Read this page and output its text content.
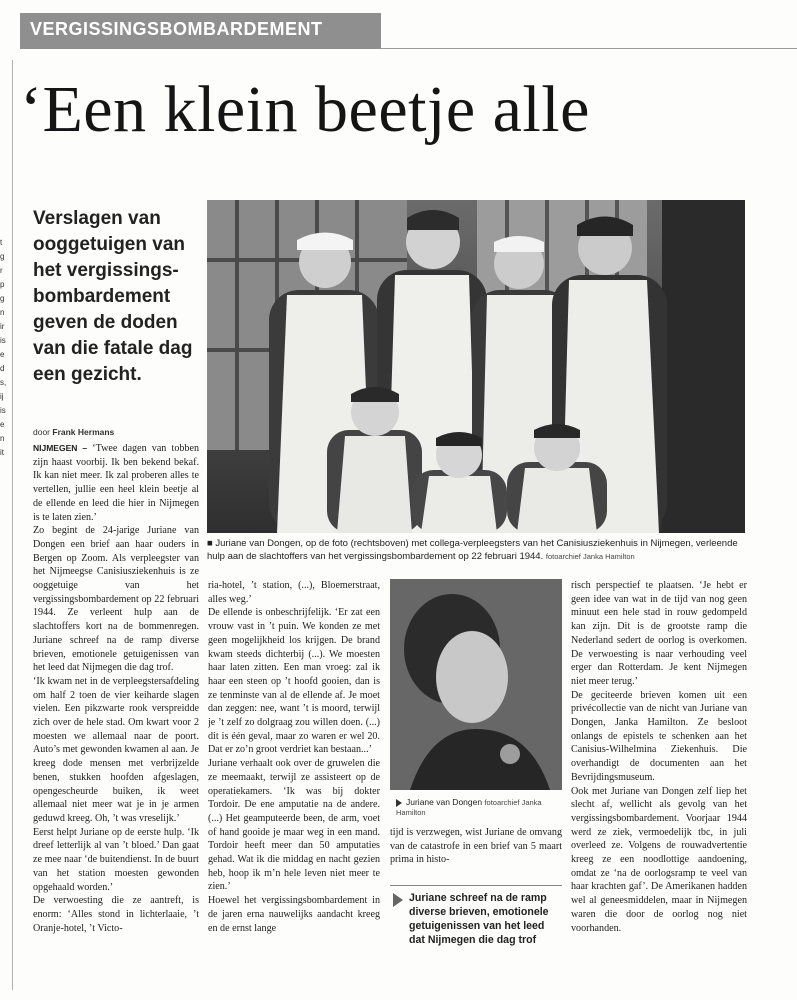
t
g
r
p
g
n
ir
is
e
d
s,
ij
is
e
n
it
VERGISSINGSBOMBARDEMENT
‘Een klein beetje alle
Verslagen van ooggetuigen van het vergissingsbombardement geven de doden van die fatale dag een gezicht.
door Frank Hermans
■ Juriane van Dongen, op de foto (rechtsboven) met collega-verpleegsters van het Canisiusziekenhuis in Nijmegen, verleende hulp aan de slachtoffers van het vergissingsbombardement op 22 februari 1944. fotoarchief Janka Hamilton

NIJMEGEN – ‘Twee dagen van tobben zijn haast voorbij. Ik ben bekend bekaf. Ik kan niet meer. Ik zal proberen alles te vertellen, jullie een heel klein beetje al de ellende en leed die hier in Nijmegen is te laten zien.’

Zo begint de 24-jarige Juriane van Dongen een brief aan haar ouders in Bergen op Zoom. Als verpleegster van het Nijmeegse Canisiusziekenhuis is ze ooggetuige van het vergissingsbombardement op 22 februari 1944. Ze verleent hulp aan de slachtoffers kort na de bommenregen. Juriane schreef na de ramp diverse brieven, emotionele getuigenissen van het leed dat Nijmegen die dag trof.

‘Ik kwam net in de verpleegstersafdeling om half 2 toen de vier keiharde slagen vielen. Een pikzwarte rook verspreidde zich over de hele stad. Om kwart voor 2 moesten we allemaal naar de poort. Auto’s met gewonden kwamen al aan. Je kreeg dode mensen met verbrijzelde benen, stukken hoofden afgeslagen, opengescheurde buiken, ik weet allemaal niet meer wat je in je armen geduwd kreeg. Oh, ’t was vreselijk.’

Eerst helpt Juriane op de eerste hulp. ‘Ik dreef letterlijk al van ’t bloed.’ Dan gaat ze mee naar ‘de buitendienst. In de buurt van het station moesten gewonden opgehaald worden.’

De verwoesting die ze aantreft, is enorm: ‘Alles stond in lichterlaaie, ’t Oranje-hotel, ’t Victo-

ria-hotel, ’t station, (...), Bloemerstraat, alles weg.’

De ellende is onbeschrijfelijk. ‘Er zat een vrouw vast in ’t puin. We konden ze met geen mogelijkheid los krijgen. De brand kwam steeds dichterbij (...). We moesten haar laten zitten. Een man vroeg: zal ik haar een steen op ’t hoofd gooien, dan is ze tenminste van al de ellende af. Je moet dan zeggen: nee, want ’t is moord, terwijl je ’t zelf zo dolgraag zou willen doen. (...) dit is één geval, maar zo waren er wel 20. Dat er zo’n groot verdriet kan bestaan...’

Juriane verhaalt ook over de gruwelen die ze meemaakt, terwijl ze assisteert op de operatiekamers. ‘Ik was bij dokter Tordoir. De ene amputatie na de andere. (...) Het geamputeerde been, de arm, voet of hand gooide je maar weg in een mand. Tordoir heeft meer dan 50 amputaties gehad. Wat ik die middag en nacht gezien heb, hoop ik m’n hele leven niet meer te zien.’

Hoewel het vergissingsbombardement in de jaren erna nauwelijks aandacht kreeg en de ernst lange

Juriane van Dongen fotoarchief Janka Hamilton

tijd is verzwegen, wist Juriane de omvang van de catastrofe in een brief van 5 maart prima in histo-

Juriane schreef na de ramp diverse brieven, emotionele getuigenissen van het leed dat Nijmegen die dag trof

risch perspectief te plaatsen. ‘Je hebt er geen idee van wat in de tijd van nog geen minuut een hele stad in rouw gedompeld kan zijn. Dit is de grootste ramp die Nederland sedert de oorlog is overkomen. De verwoesting is naar verhouding veel erger dan Rotterdam. Je kent Nijmegen niet meer terug.’

De geciteerde brieven komen uit een privécollectie van de nicht van Juriane van Dongen, Janka Hamilton. Ze besloot onlangs de epistels te schenken aan het Canisius-Wilhelmina Ziekenhuis. Die overhandigt de documenten aan het Bevrijdingsmuseum.

Ook met Juriane van Dongen zelf liep het slecht af, wellicht als gevolg van het vergissingsbombardement. Voorjaar 1944 werd ze ziek, vermoedelijk tbc, in juli overleed ze. Volgens de rouwadvertentie kreeg ze een noodlottige aandoening, omdat ze ‘na de oorlogsramp te veel van haar krachten gaf’. De Amerikanen hadden wel al geneesmiddelen, maar in Nijmegen waren die door de oorlog nog niet voorhanden.
